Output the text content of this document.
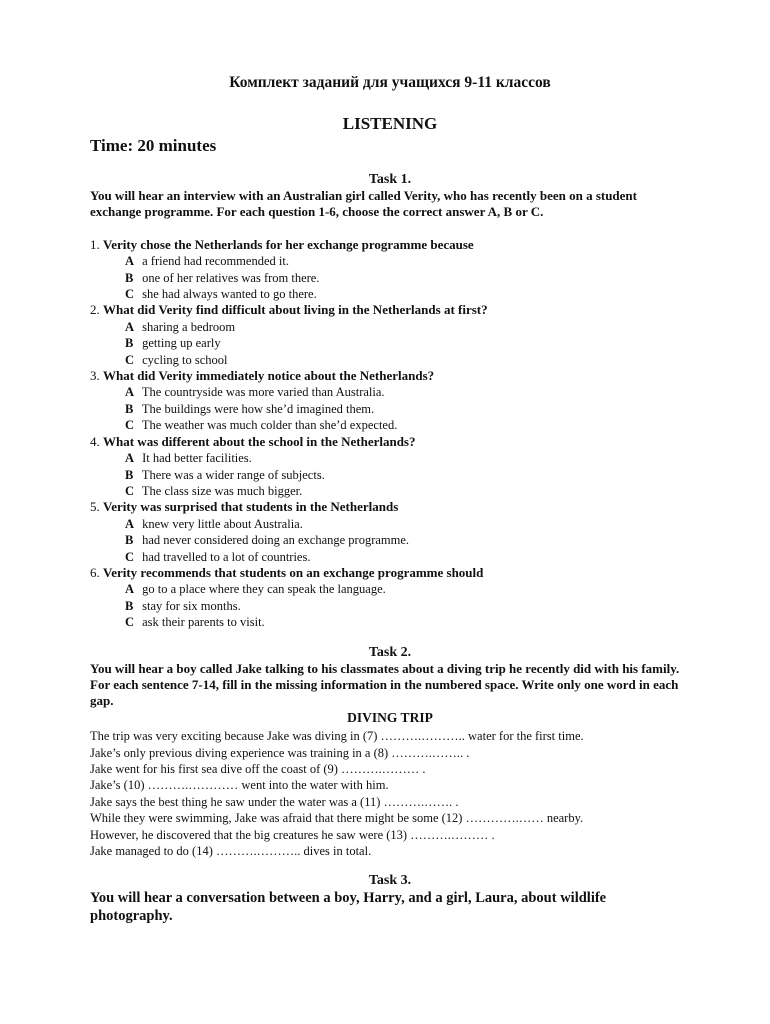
Комплект заданий для учащихся 9-11 классов
LISTENING
Time: 20 minutes
Task 1.

You will hear an interview with an Australian girl called Verity, who has recently been on a student exchange programme. For each question 1-6, choose the correct answer A, B or C.

1. Verity chose the Netherlands for her exchange programme because
A a friend had recommended it.
B one of her relatives was from there.
C she had always wanted to go there.
2. What did Verity find difficult about living in the Netherlands at first?
A sharing a bedroom
B getting up early
C cycling to school
3. What did Verity immediately notice about the Netherlands?
A The countryside was more varied than Australia.
B The buildings were how she’d imagined them.
C The weather was much colder than she’d expected.
4. What was different about the school in the Netherlands?
A It had better facilities.
B There was a wider range of subjects.
C The class size was much bigger.
5. Verity was surprised that students in the Netherlands
A knew very little about Australia.
B had never considered doing an exchange programme.
C had travelled to a lot of countries.
6. Verity recommends that students on an exchange programme should
A go to a place where they can speak the language.
B stay for six months.
C ask their parents to visit.
Task 2.

You will hear a boy called Jake talking to his classmates about a diving trip he recently did with his family. For each sentence 7-14, fill in the missing information in the numbered space. Write only one word in each gap.

DIVING TRIP
The trip was very exciting because Jake was diving in (7) ……….……….. water for the first time.
Jake’s only previous diving experience was training in a (8) ……….…….. .
Jake went for his first sea dive off the coast of (9) ……….……… .
Jake’s (10) ……….………… went into the water with him.
Jake says the best thing he saw under the water was a (11) ……….……. .
While they were swimming, Jake was afraid that there might be some (12) ………….…… nearby.
However, he discovered that the big creatures he saw were (13) ……….……… .
Jake managed to do (14) ……….……….. dives in total.
Task 3.

You will hear a conversation between a boy, Harry, and a girl, Laura, about wildlife photography.
